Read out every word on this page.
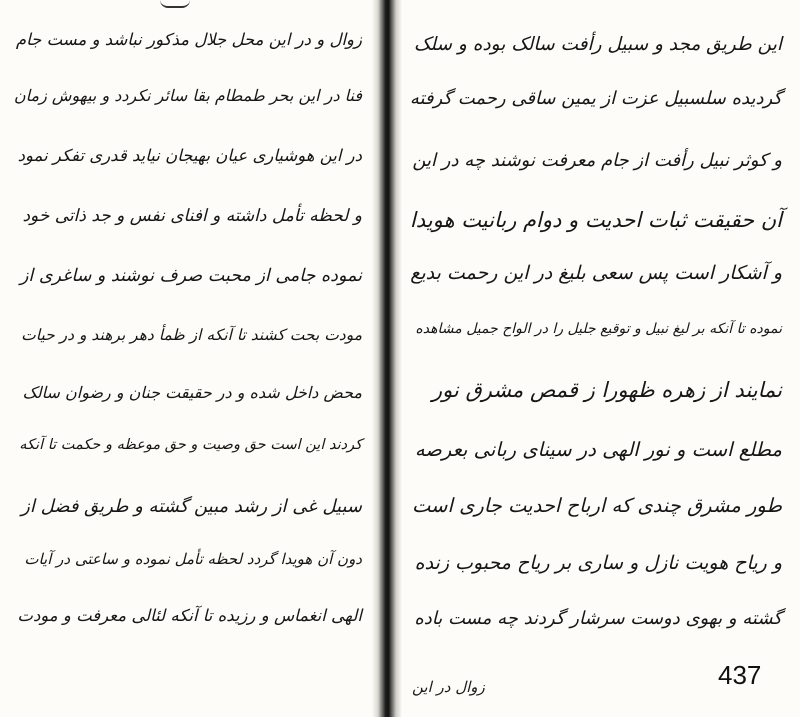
زوال و در این محل جلال مذکور نباشد و مست جام
فنا در این بحر طمطام بقا سائر نکردد و بیهوش زمان
در این هوشیاری عیان بهیجان نیاید قدری تفکر نمود
و لحظه تأمل داشته و افنای نفس و جد ذاتی خود
نموده جامی از محبت صرف نوشند و ساغری از
مودت بحت کشند تا آنکه از ظمأ دهر برهند و در حیات
محض داخل شده و در حقیقت جنان و رضوان سالک
کردند این است حق وصیت و حق موعظه و حکمت تا آنکه
سبیل غی از رشد مبین گشته و طریق فضل از
دون آن هویدا گردد لحظه تأمل نموده و ساعتی در آیات
الهی انغماس و رزیده تا آنکه لئالی معرفت و مودت
این طریق مجد و سبیل رأفت سالک بوده و سلک
گردیده سلسبیل عزت از یمین ساقی رحمت گرفته
و کوثر نبیل رأفت از جام معرفت نوشند چه در این
آن حقیقت ثبات احدیت و دوام ربانیت هویدا
و آشکار است پس سعی بلیغ در این رحمت بدیع
نموده تا آنکه بر لیغ نبیل و توقیع جلیل را در الواح جمیل مشاهده
نمایند از زهره ظهورا ز قمص مشرق نور
مطلع است و نور الهی در سینای ربانی بعرصه
طور مشرق چندی که ارباح احدیت جاری است
و ریاح هویت نازل و ساری بر ریاح محبوب زنده
گشته و بهوی دوست سرشار گردند چه مست باده
زوال در این	437
